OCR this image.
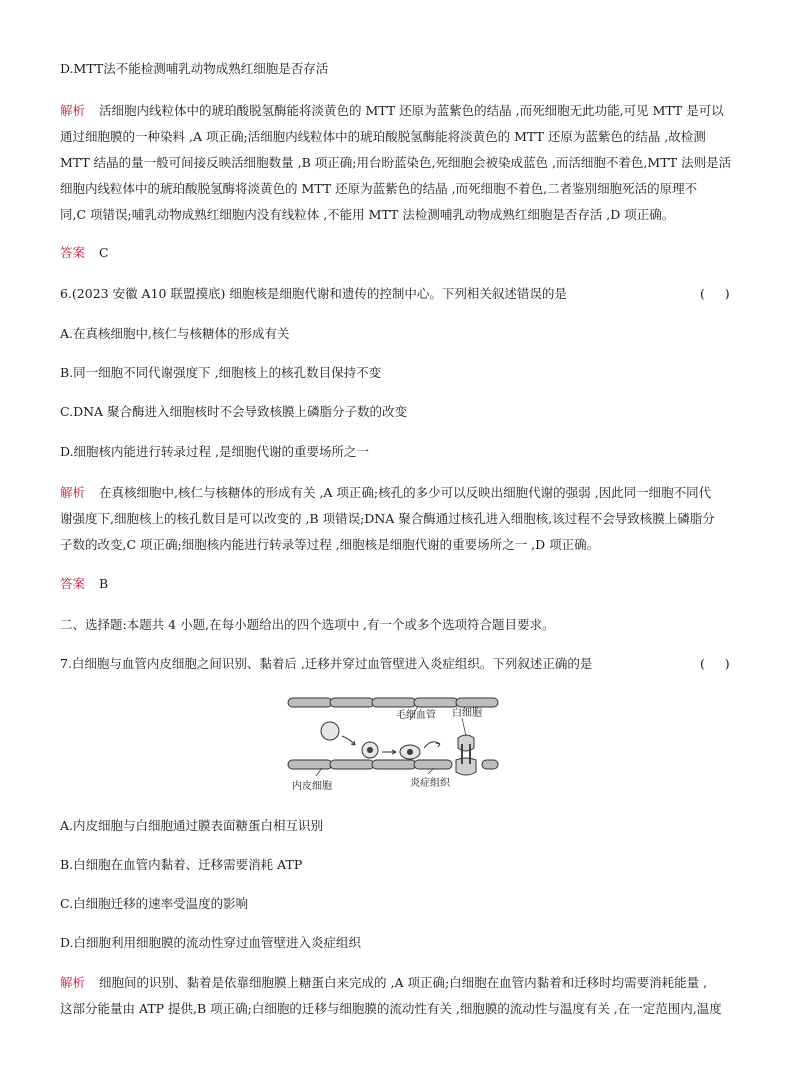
D.MTT法不能检测哺乳动物成熟红细胞是否存活
解析 活细胞内线粒体中的琥珀酸脱氢酶能将淡黄色的 MTT 还原为蓝紫色的结晶 ,而死细胞无此功能,可见 MTT 是可以
通过细胞膜的一种染料 ,A 项正确;活细胞内线粒体中的琥珀酸脱氢酶能将淡黄色的 MTT 还原为蓝紫色的结晶 ,故检测
MTT 结晶的量一般可间接反映活细胞数量 ,B 项正确;用台盼蓝染色,死细胞会被染成蓝色 ,而活细胞不着色,MTT 法则是活
细胞内线粒体中的琥珀酸脱氢酶将淡黄色的 MTT 还原为蓝紫色的结晶 ,而死细胞不着色,二者鉴别细胞死活的原理不
同,C 项错误;哺乳动物成熟红细胞内没有线粒体 ,不能用 MTT 法检测哺乳动物成熟红细胞是否存活 ,D 项正确。
答案 C
6.(2023 安徽 A10 联盟摸底) 细胞核是细胞代谢和遗传的控制中心。下列相关叙述错误的是	(     )
A.在真核细胞中,核仁与核糖体的形成有关
B.同一细胞不同代谢强度下 ,细胞核上的核孔数目保持不变
C.DNA 聚合酶进入细胞核时不会导致核膜上磷脂分子数的改变
D.细胞核内能进行转录过程 ,是细胞代谢的重要场所之一
解析 在真核细胞中,核仁与核糖体的形成有关 ,A 项正确;核孔的多少可以反映出细胞代谢的强弱 ,因此同一细胞不同代
谢强度下,细胞核上的核孔数目是可以改变的 ,B 项错误;DNA 聚合酶通过核孔进入细胞核,该过程不会导致核膜上磷脂分
子数的改变,C 项正确;细胞核内能进行转录等过程 ,细胞核是细胞代谢的重要场所之一 ,D 项正确。
答案 B
二、选择题:本题共 4 小题,在每小题给出的四个选项中 ,有一个或多个选项符合题目要求。
7.白细胞与血管内皮细胞之间识别、黏着后 ,迁移并穿过血管壁进入炎症组织。下列叙述正确的是	(     )
毛细血管 白细胞
内皮细胞	炎症组织
A.内皮细胞与白细胞通过膜表面糖蛋白相互识别
B.白细胞在血管内黏着、迁移需要消耗 ATP
C.白细胞迁移的速率受温度的影响
D.白细胞利用细胞膜的流动性穿过血管壁进入炎症组织
解析 细胞间的识别、黏着是依靠细胞膜上糖蛋白来完成的 ,A 项正确;白细胞在血管内黏着和迁移时均需要消耗能量 ,
这部分能量由 ATP 提供,B 项正确;白细胞的迁移与细胞膜的流动性有关 ,细胞膜的流动性与温度有关 ,在一定范围内,温度
